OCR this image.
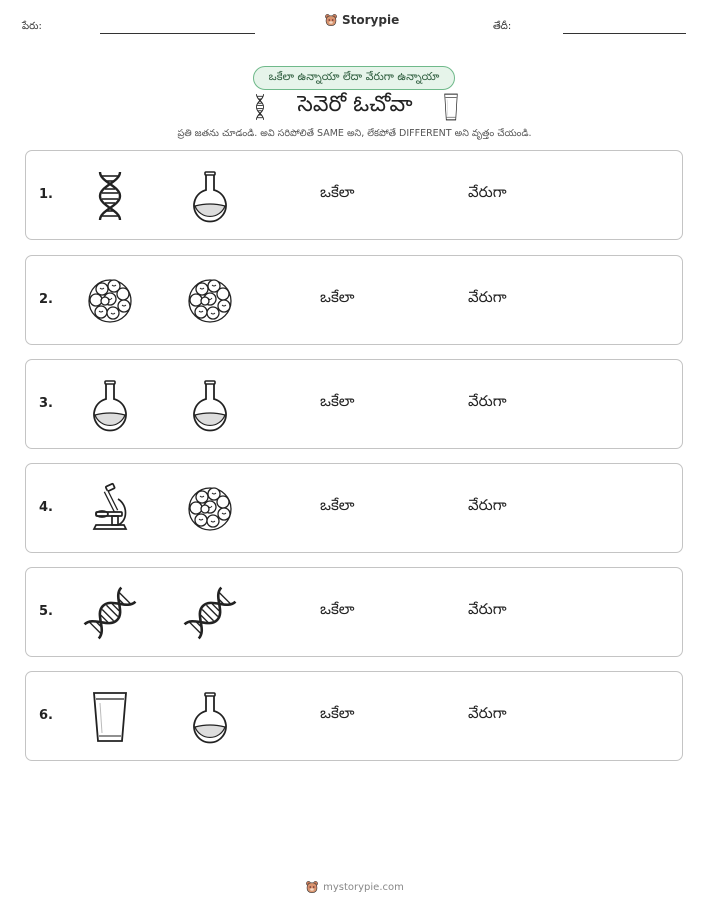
పేరు:	Storypie	తేదీ:
ఒకేలా ఉన్నాయా లేదా వేరుగా ఉన్నాయా
సెవెరో ఓచోవా
ప్రతి జతను చూడండి. అవి సరిపోలితే SAME అని, లేకపోతే DIFFERENT అని వృత్తం చేయండి.
1.	ఒకేలా	వేరుగా
2.	ఒకేలా	వేరుగా
3.	ఒకేలా	వేరుగా
4.	ఒకేలా	వేరుగా
5.	ఒకేలా	వేరుగా
6.	ఒకేలా	వేరుగా
mystorypie.com
